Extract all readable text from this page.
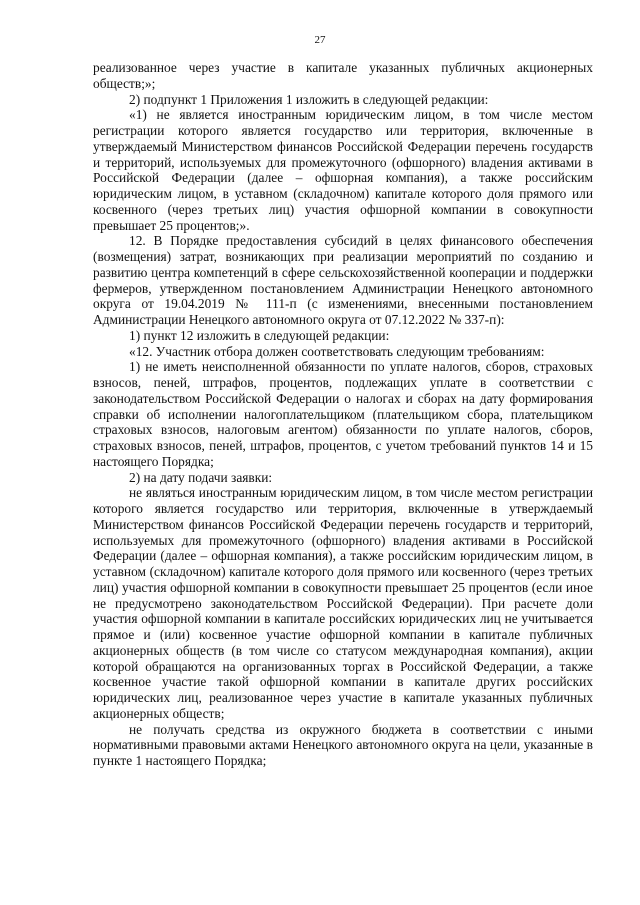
27

реализованное через участие в капитале указанных публичных акционерных обществ;»;

2) подпункт 1 Приложения 1 изложить в следующей редакции:

«1) не является иностранным юридическим лицом, в том числе местом регистрации которого является государство или территория, включенные в утверждаемый Министерством финансов Российской Федерации перечень государств и территорий, используемых для промежуточного (офшорного) владения активами в Российской Федерации (далее – офшорная компания), а также российским юридическим лицом, в уставном (складочном) капитале которого доля прямого или косвенного (через третьих лиц) участия офшорной компании в совокупности превышает 25 процентов;».

12. В Порядке предоставления субсидий в целях финансового обеспечения (возмещения) затрат, возникающих при реализации мероприятий по созданию и развитию центра компетенций в сфере сельскохозяйственной кооперации и поддержки фермеров, утвержденном постановлением Администрации Ненецкого автономного округа от 19.04.2019 № 111-п (с изменениями, внесенными постановлением Администрации Ненецкого автономного округа от 07.12.2022 № 337-п):

1) пункт 12 изложить в следующей редакции:

«12. Участник отбора должен соответствовать следующим требованиям:

1) не иметь неисполненной обязанности по уплате налогов, сборов, страховых взносов, пеней, штрафов, процентов, подлежащих уплате в соответствии с законодательством Российской Федерации о налогах и сборах на дату формирования справки об исполнении налогоплательщиком (плательщиком сбора, плательщиком страховых взносов, налоговым агентом) обязанности по уплате налогов, сборов, страховых взносов, пеней, штрафов, процентов, с учетом требований пунктов 14 и 15 настоящего Порядка;

2) на дату подачи заявки:

не являться иностранным юридическим лицом, в том числе местом регистрации которого является государство или территория, включенные в утверждаемый Министерством финансов Российской Федерации перечень государств и территорий, используемых для промежуточного (офшорного) владения активами в Российской Федерации (далее – офшорная компания), а также российским юридическим лицом, в уставном (складочном) капитале которого доля прямого или косвенного (через третьих лиц) участия офшорной компании в совокупности превышает 25 процентов (если иное не предусмотрено законодательством Российской Федерации). При расчете доли участия офшорной компании в капитале российских юридических лиц не учитывается прямое и (или) косвенное участие офшорной компании в капитале публичных акционерных обществ (в том числе со статусом международная компания), акции которой обращаются на организованных торгах в Российской Федерации, а также косвенное участие такой офшорной компании в капитале других российских юридических лиц, реализованное через участие в капитале указанных публичных акционерных обществ;

не получать средства из окружного бюджета в соответствии с иными нормативными правовыми актами Ненецкого автономного округа на цели, указанные в пункте 1 настоящего Порядка;
